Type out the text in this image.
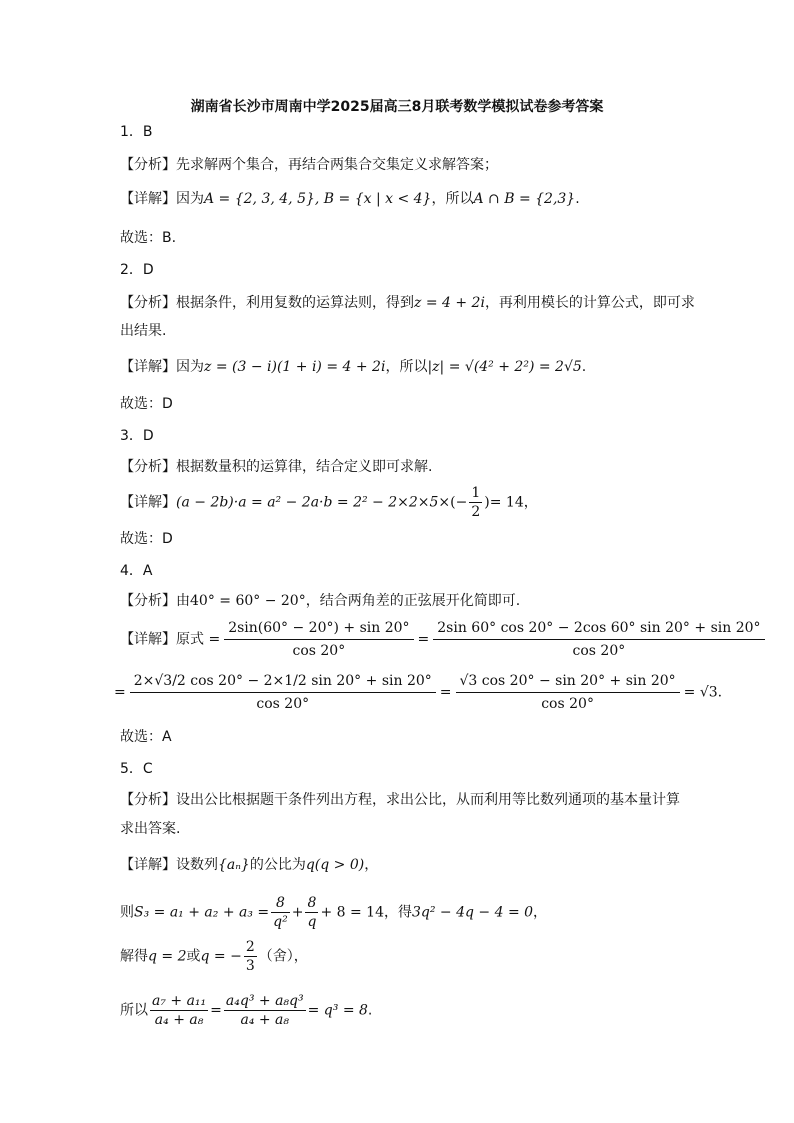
湖南省长沙市周南中学2025届高三8月联考数学模拟试卷参考答案
1．B
【分析】先求解两个集合，再结合两集合交集定义求解答案；
【详解】因为A = {2, 3, 4, 5}, B = {x | x < 4}，所以A ∩ B = {2,3}.
故选：B.
2．D
【分析】根据条件，利用复数的运算法则，得到z = 4 + 2i，再利用模长的计算公式，即可求
出结果.
【详解】因为z = (3 − i)(1 + i) = 4 + 2i，所以|z| = √(4² + 2²) = 2√5.
故选：D
3．D
【分析】根据数量积的运算律，结合定义即可求解.
【详解】$(a - 2b)\cdot a = a^2 - 2a\cdot b = 2^2 - 2\times 2\times 5\times(- \frac{1}{2}$ )= 14，
故选：D
4．A
【分析】由40° = 60° − 20°，结合两角差的正弦展开化简即可.
【详解】原式 = $\frac{2\sin(60^\circ - 20^\circ) + \sin 20^\circ}{\cos 20^\circ} = \frac{2\sin 60^\circ \cos 20^\circ - 2\cos 60^\circ \sin 20^\circ + \sin 20^\circ}{\cos 20^\circ}$
= $\frac{2\times√3/2 \cos 20^\circ - 2\times 1/2 \sin 20^\circ + \sin 20^\circ}{\cos 20^\circ} = \frac{√3 \cos 20^\circ - \sin 20^\circ + \sin 20^\circ}{\cos 20^\circ} = √3$.
故选：A
5．C
【分析】设出公比根据题干条件列出方程，求出公比，从而利用等比数列通项的基本量计算
求出答案.
【详解】设数列{aₙ}的公比为q(q > 0)，
则$S_3 = a_1 + a_2 + a_3 = \frac{8}{\text{q²}} + \frac{8}{q} + 8 = 14$，得3q² − 4q − 4 = 0，
解得q = 2或q = − $\frac{2}{3}$ （舍），
所以 $\frac{\text{a₇ + a₁₁}}{\text{a₄ + a₈}} = \frac{\text{a₄q³ + a₈q³}}{\text{a₄ + a₈}} = q^3 = 8$.
